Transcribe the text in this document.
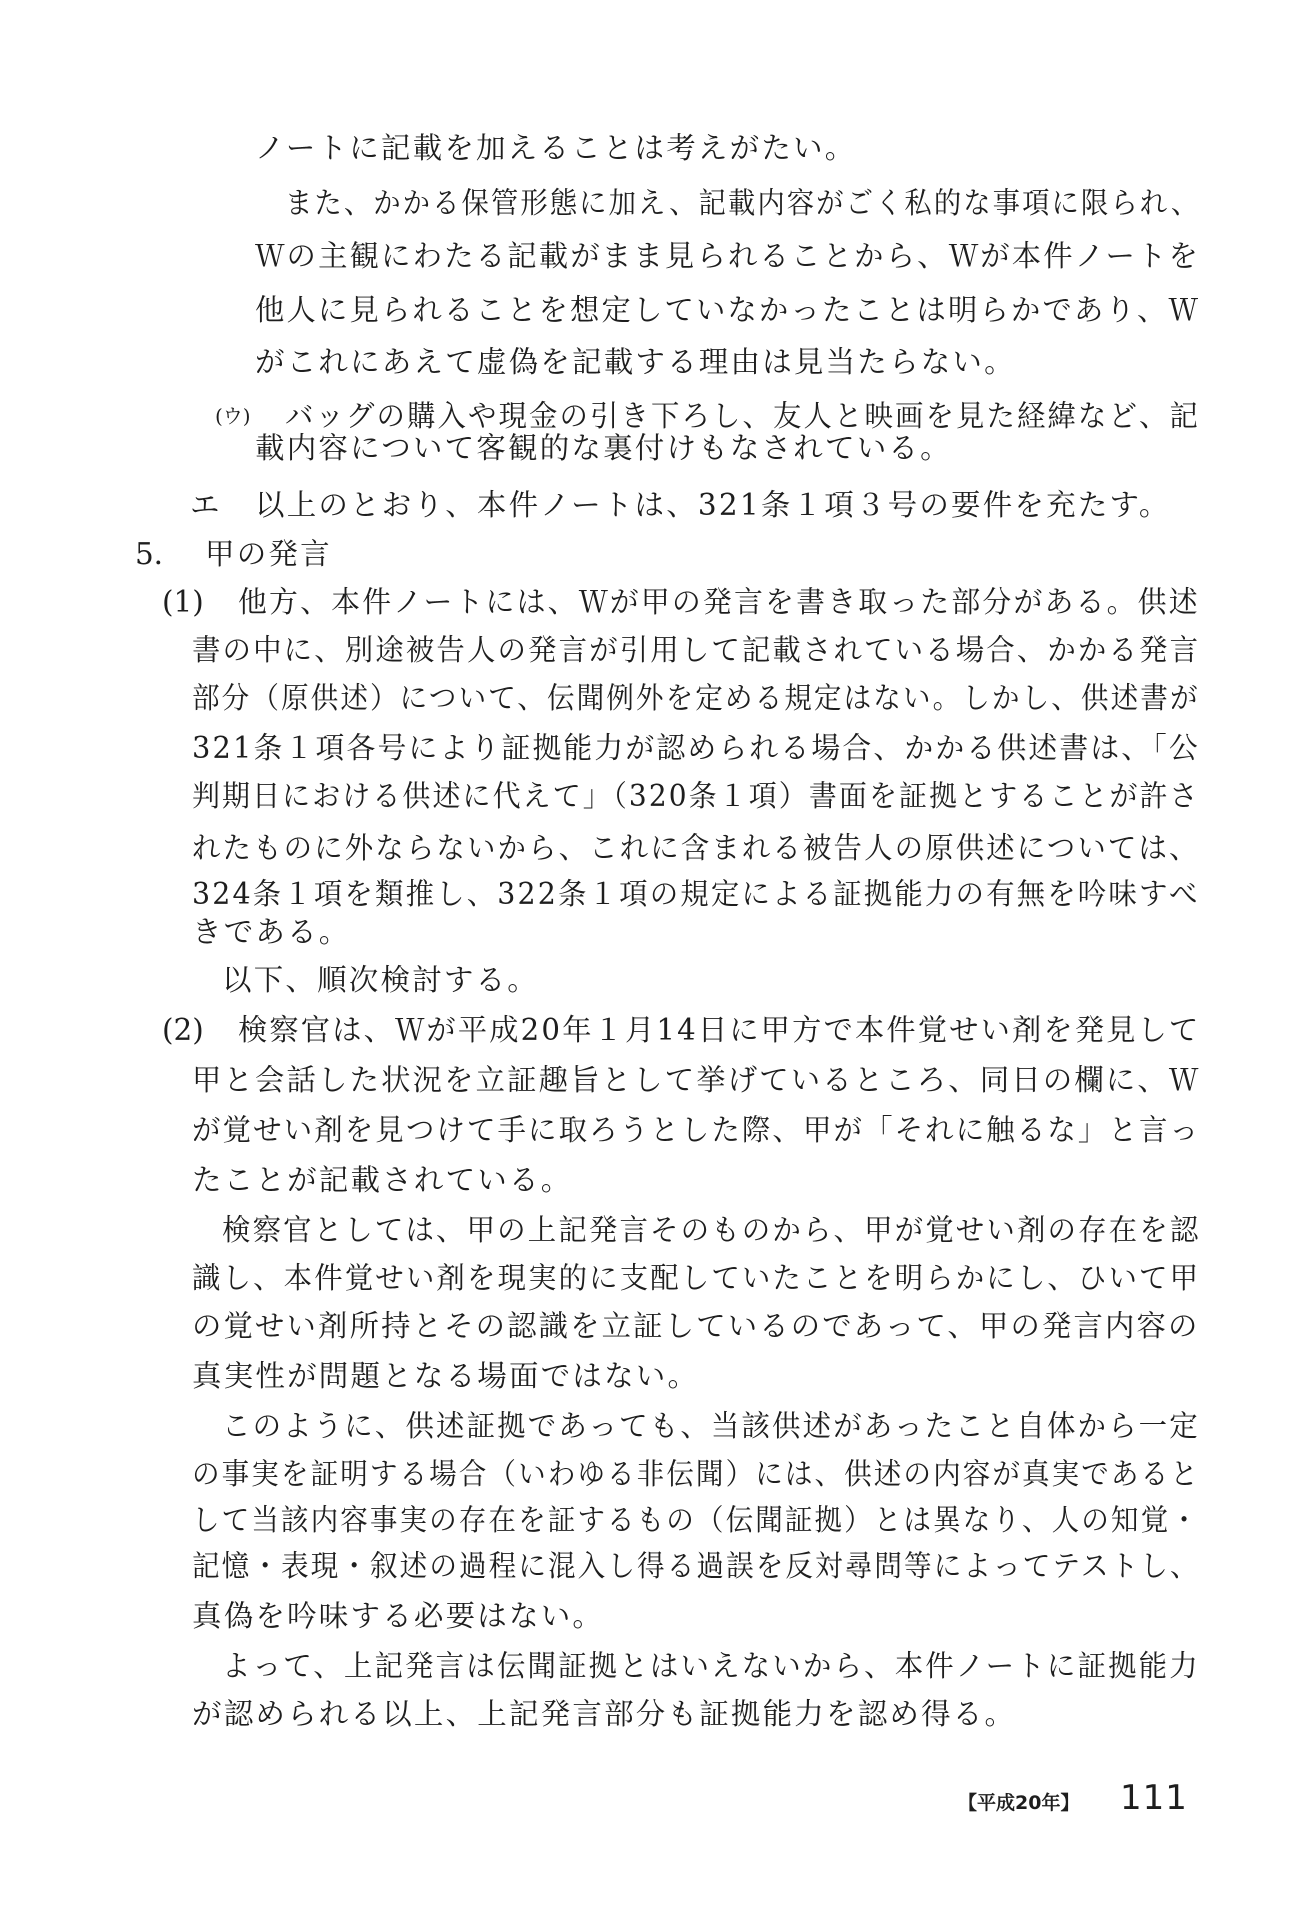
ノートに記載を加えることは考えがたい。
また、かかる保管形態に加え、記載内容がごく私的な事項に限られ、
Ｗの主観にわたる記載がまま見られることから、Ｗが本件ノートを
他人に見られることを想定していなかったことは明らかであり、Ｗ
がこれにあえて虚偽を記載する理由は見当たらない。
(ウ) バッグの購入や現金の引き下ろし、友人と映画を見た経緯など、記
載内容について客観的な裏付けもなされている。
エ 以上のとおり、本件ノートは、321条１項３号の要件を充たす。
5． 甲の発言
(1) 他方、本件ノートには、Ｗが甲の発言を書き取った部分がある。供述
書の中に、別途被告人の発言が引用して記載されている場合、かかる発言
部分（原供述）について、伝聞例外を定める規定はない。しかし、供述書が
321条１項各号により証拠能力が認められる場合、かかる供述書は、「公
判期日における供述に代えて」（320条１項）書面を証拠とすることが許さ
れたものに外ならないから、これに含まれる被告人の原供述については、
324条１項を類推し、322条１項の規定による証拠能力の有無を吟味すべ
きである。
以下、順次検討する。
(2) 検察官は、Ｗが平成20年１月14日に甲方で本件覚せい剤を発見して
甲と会話した状況を立証趣旨として挙げているところ、同日の欄に、Ｗ
が覚せい剤を見つけて手に取ろうとした際、甲が「それに触るな」と言っ
たことが記載されている。
検察官としては、甲の上記発言そのものから、甲が覚せい剤の存在を認
識し、本件覚せい剤を現実的に支配していたことを明らかにし、ひいて甲
の覚せい剤所持とその認識を立証しているのであって、甲の発言内容の
真実性が問題となる場面ではない。
このように、供述証拠であっても、当該供述があったこと自体から一定
の事実を証明する場合（いわゆる非伝聞）には、供述の内容が真実であると
して当該内容事実の存在を証するもの（伝聞証拠）とは異なり、人の知覚・
記憶・表現・叙述の過程に混入し得る過誤を反対尋問等によってテストし、
真偽を吟味する必要はない。
よって、上記発言は伝聞証拠とはいえないから、本件ノートに証拠能力
が認められる以上、上記発言部分も証拠能力を認め得る。
【平成20年】 111
